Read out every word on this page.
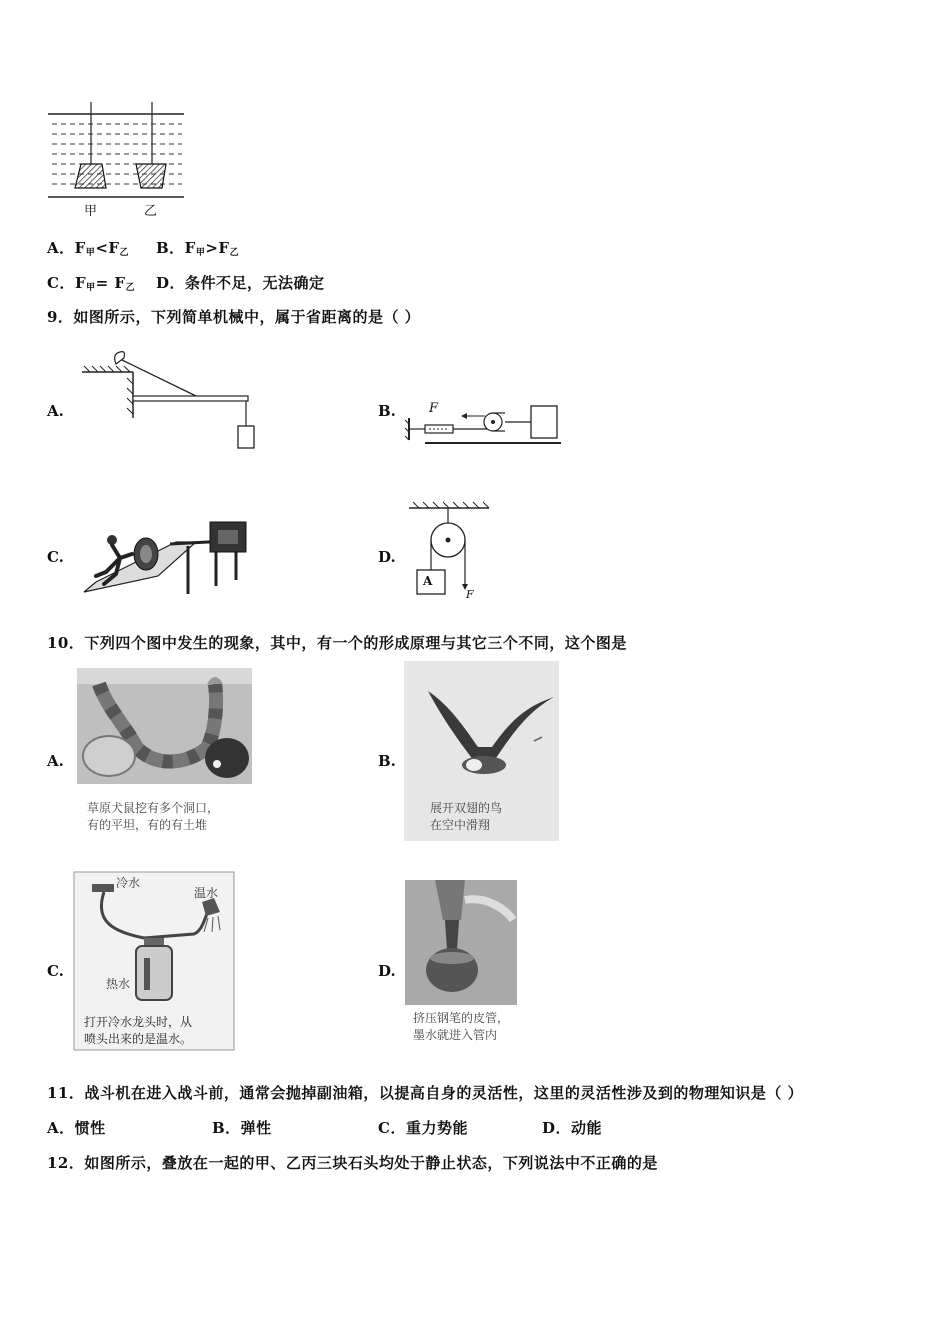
甲	乙
A．$F_甲<F_乙$ B．$F_甲>F_乙$
C．$F_甲= F_乙$ D．条件不足，无法确定
9．如图所示，下列简单机械中，属于省距离的是（ ）
A.	B.	F
C.	D.
A
F
10．下列四个图中发生的现象，其中，有一个的形成原理与其它三个不同，这个图是
A.
草原犬鼠挖有多个洞口，
有的平坦，有的有土堆
B.
展开双翅的鸟
在空中滑翔
C.
冷水
温水
热水
打开冷水龙头时，从
喷头出来的是温水。
D.
挤压钢笔的皮管，
墨水就进入管内
11．战斗机在进入战斗前，通常会抛掉副油箱，以提高自身的灵活性，这里的灵活性涉及到的物理知识是（ ）
A．惯性	B．弹性	C．重力势能	D．动能
12．如图所示，叠放在一起的甲、乙丙三块石头均处于静止状态，下列说法中不正确的是
